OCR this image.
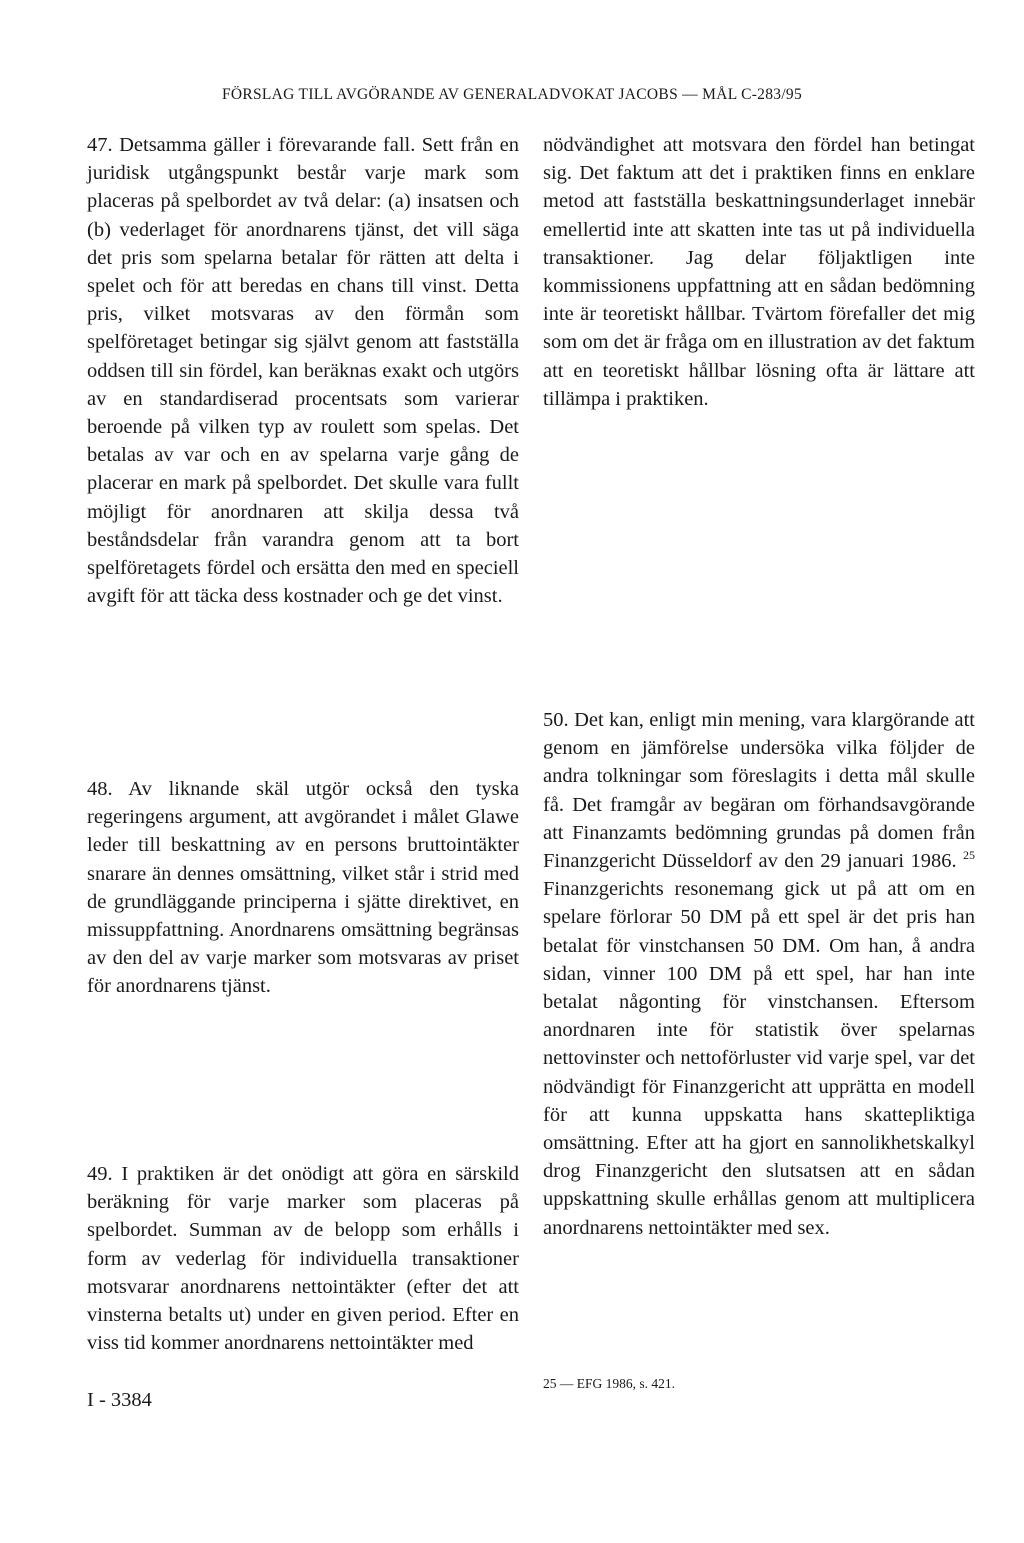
FÖRSLAG TILL AVGÖRANDE AV GENERALADVOKAT JACOBS — MÅL C-283/95

47. Detsamma gäller i förevarande fall. Sett från en juridisk utgångspunkt består varje mark som placeras på spelbordet av två delar: (a) insatsen och (b) vederlaget för anordnarens tjänst, det vill säga det pris som spelarna betalar för rätten att delta i spelet och för att beredas en chans till vinst. Detta pris, vilket motsvaras av den förmån som spelföretaget betingar sig självt genom att fastställa oddsen till sin fördel, kan beräknas exakt och utgörs av en standardiserad procentsats som varierar beroende på vilken typ av roulett som spelas. Det betalas av var och en av spelarna varje gång de placerar en mark på spelbordet. Det skulle vara fullt möjligt för anordnaren att skilja dessa två beståndsdelar från varandra genom att ta bort spelföretagets fördel och ersätta den med en speciell avgift för att täcka dess kostnader och ge det vinst.

48. Av liknande skäl utgör också den tyska regeringens argument, att avgörandet i målet Glawe leder till beskattning av en persons bruttointäkter snarare än dennes omsättning, vilket står i strid med de grundläggande principerna i sjätte direktivet, en missuppfattning. Anordnarens omsättning begränsas av den del av varje marker som motsvaras av priset för anordnarens tjänst.

49. I praktiken är det onödigt att göra en särskild beräkning för varje marker som placeras på spelbordet. Summan av de belopp som erhålls i form av vederlag för individuella transaktioner motsvarar anordnarens nettointäkter (efter det att vinsterna betalts ut) under en given period. Efter en viss tid kommer anordnarens nettointäkter med

nödvändighet att motsvara den fördel han betingat sig. Det faktum att det i praktiken finns en enklare metod att fastställa beskattningsunderlaget innebär emellertid inte att skatten inte tas ut på individuella transaktioner. Jag delar följaktligen inte kommissionens uppfattning att en sådan bedömning inte är teoretiskt hållbar. Tvärtom förefaller det mig som om det är fråga om en illustration av det faktum att en teoretiskt hållbar lösning ofta är lättare att tillämpa i praktiken.

50. Det kan, enligt min mening, vara klargörande att genom en jämförelse undersöka vilka följder de andra tolkningar som föreslagits i detta mål skulle få. Det framgår av begäran om förhandsavgörande att Finanzamts bedömning grundas på domen från Finanzgericht Düsseldorf av den 29 januari 1986. $^{25}$ Finanzgerichts resonemang gick ut på att om en spelare förlorar 50 DM på ett spel är det pris han betalat för vinstchansen 50 DM. Om han, å andra sidan, vinner 100 DM på ett spel, har han inte betalat någonting för vinstchansen. Eftersom anordnaren inte för statistik över spelarnas nettovinster och nettoförluster vid varje spel, var det nödvändigt för Finanzgericht att upprätta en modell för att kunna uppskatta hans skattepliktiga omsättning. Efter att ha gjort en sannolikhetskalkyl drog Finanzgericht den slutsatsen att en sådan uppskattning skulle erhållas genom att multiplicera anordnarens nettointäkter med sex.

25 — EFG 1986, s. 421.
I - 3384
